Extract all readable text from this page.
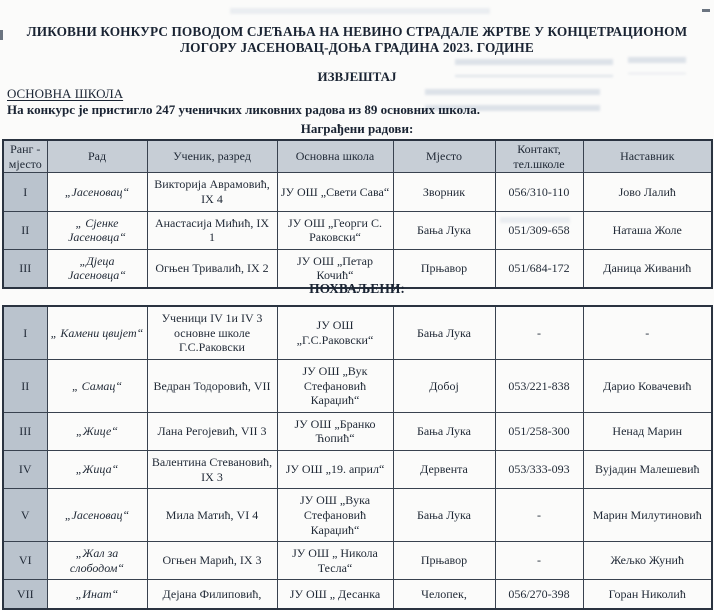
ЛИКОВНИ КОНКУРС ПОВОДОМ СЈЕЋАЊА НА НЕВИНО СТРАДАЛЕ ЖРТВЕ У КОНЦЕТРАЦИОНОМ ЛОГОРУ ЈАСЕНОВАЦ-ДОЊА ГРАДИНА 2023. ГОДИНЕ
ИЗВЈЕШТАЈ
ОСНОВНА ШКОЛА
На конкурс је пристигло 247 ученичких ликовних радова из 89 основних школа.
Награђени радови:
Ранг - мјесто	Рад	Ученик, разред	Основна школа	Мјесто	Контакт, тел.школе	Наставник
I	„Јасеновац“	Викторија Аврамовић, IX 4	ЈУ ОШ „Свети Сава“	Зворник	056/310-110	Јово Лалић
II	„ Сјенке Јасеновца“	Анастасија Мићић, IX 1	ЈУ ОШ „Георги С. Раковски“	Бања Лука	051/309-658	Наташа Жоле
III	„Дјеца Јасеновца“	Огњен Тривалић, IX 2	ЈУ ОШ „Петар Кочић“	Прњавор	051/684-172	Даница Живанић
ПОХВАЉЕНИ:
I	„ Камени цвијет“	Ученици IV 1и IV 3 основне школе Г.С.Раковски	ЈУ ОШ „Г.С.Раковски“	Бања Лука	-	-
II	„ Самац“	Ведран Тодоровић, VII	ЈУ ОШ „Вук Стефановић Караџић“	Добој	053/221-838	Дарио Ковачевић
III	„Жице“	Лана Регојевић, VII 3	ЈУ ОШ „Бранко Ћопић“	Бања Лука	051/258-300	Ненад Марин
IV	„Жица“	Валентина Стевановић, IX 3	ЈУ ОШ „19. април“	Дервента	053/333-093	Вујадин Малешевић
V	„Јасеновац“	Мила Матић, VI 4	ЈУ ОШ „Вука Стефановић Караџић“	Бања Лука	-	Марин Милутиновић
VI	„Жал за слободом“	Огњен Марић, IX 3	ЈУ ОШ „ Никола Тесла“	Прњавор	-	Жељко Жунић
VII	„Инат“	Дејана Филиповић,	ЈУ ОШ „ Десанка	Челопек,	056/270-398	Горан Николић
